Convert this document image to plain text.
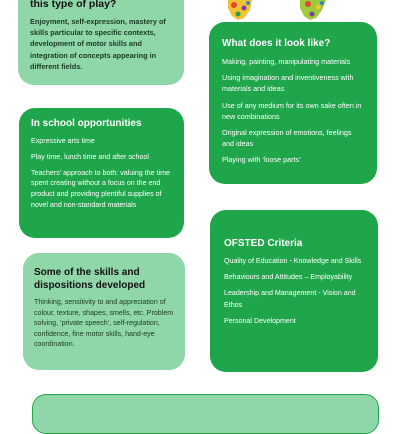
this type of play?

Enjoyment, self-expression, mastery of skills particular to specific contexts, development of motor skills and integration of concepts appearing in different fields.

What does it look like?

Making, painting, manipulating materials

Using imagination and inventiveness with materials and ideas

Use of any medium for its own sake often in new combinations

Original expression of emotions, feelings and ideas

Playing with ‘loose parts’

In school opportunities

Expressive arts time

Play time, lunch time and after school

Teachers’ approach to both: valuing the time spent creating without a focus on the end product and providing plentiful supplies of novel and non-standard materials

Some of the skills and dispositions developed

Thinking, sensitivity to and appreciation of colour, texture, shapes, smells, etc. Problem solving, ‘private speech’, self-regulation, confidence, fine motor skills, hand-eye coordination.

OFSTED Criteria

Quality of Education - Knowledge and Skills

Behaviours and Attitudes – Employability

Leadership and Management - Vision and Ethos

Personal Development
